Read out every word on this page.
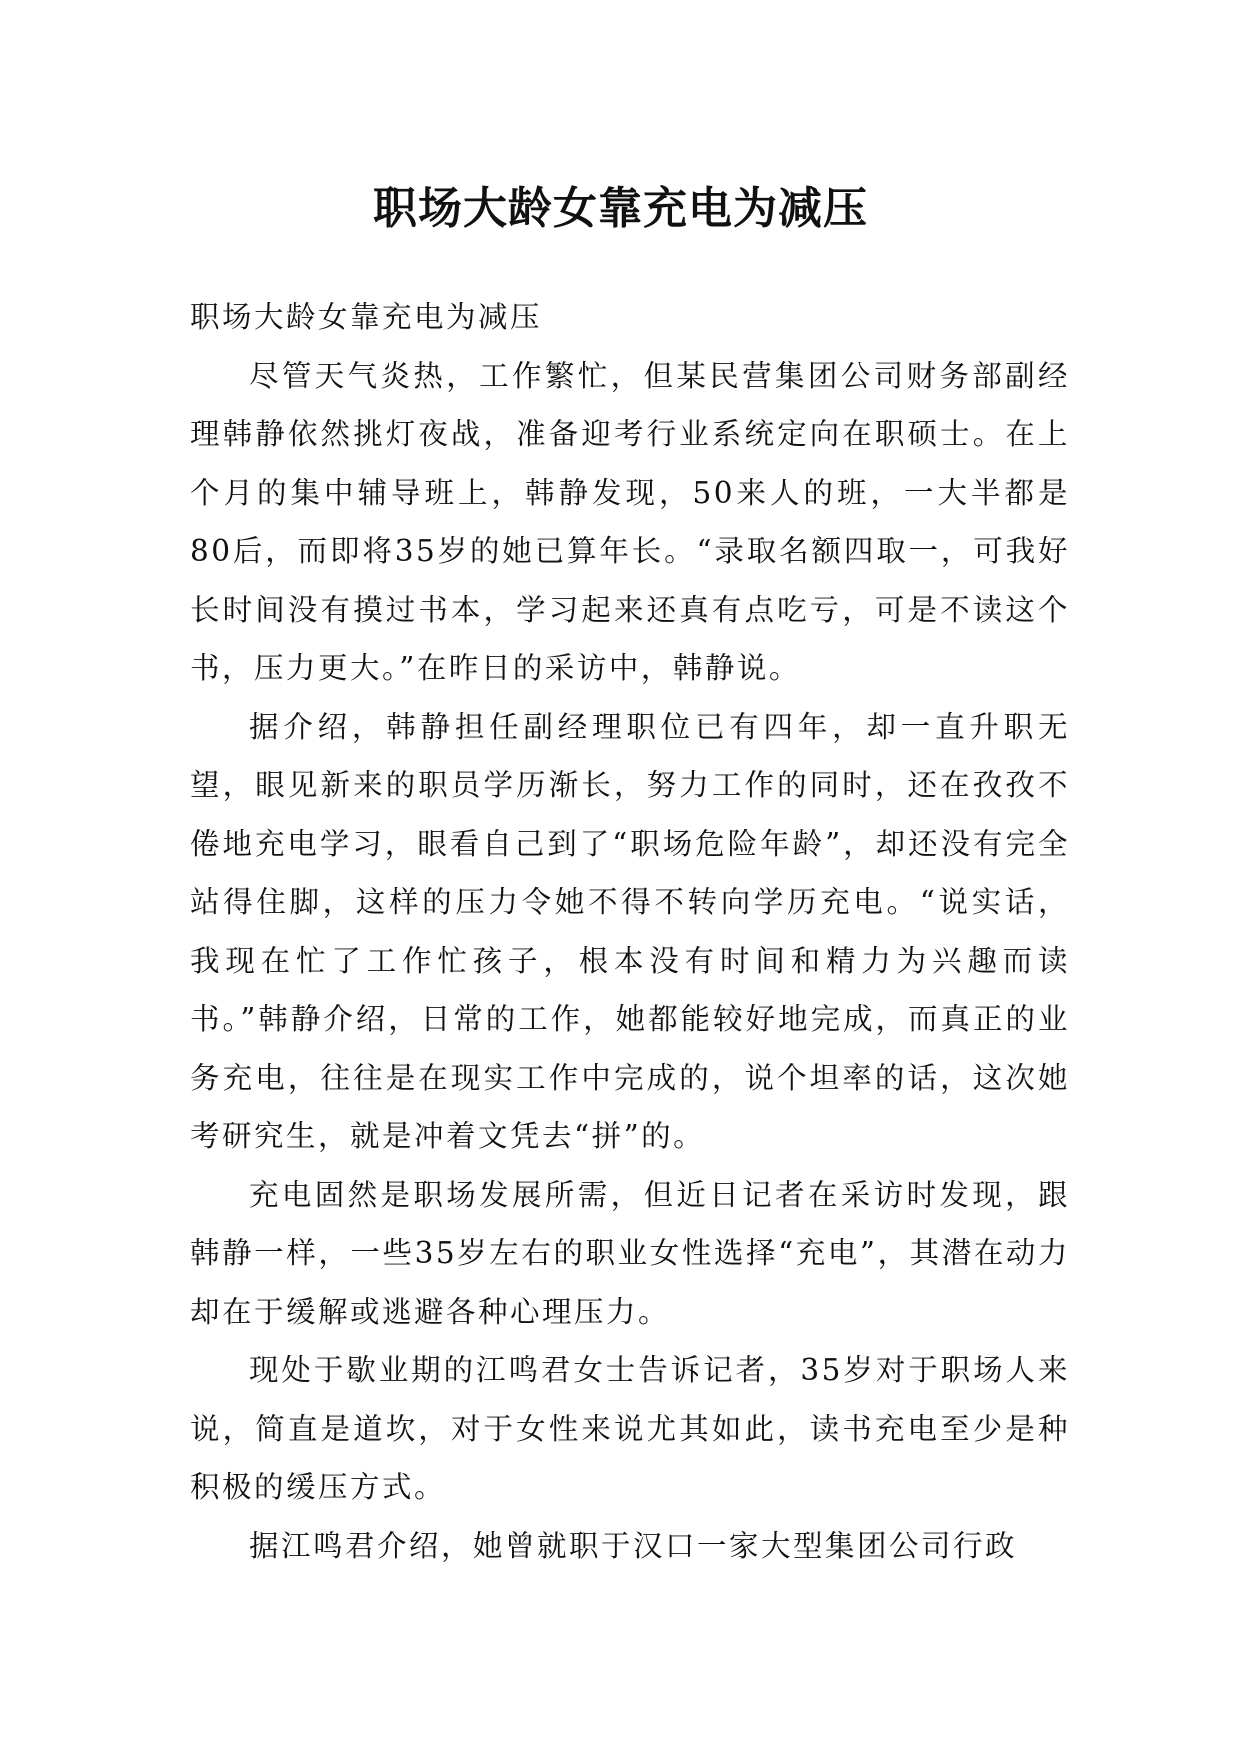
职场大龄女靠充电为减压

职场大龄女靠充电为减压

尽管天气炎热，工作繁忙，但某民营集团公司财务部副经理韩静依然挑灯夜战，准备迎考行业系统定向在职硕士。在上个月的集中辅导班上，韩静发现，50来人的班，一大半都是80后，而即将35岁的她已算年长。“录取名额四取一，可我好长时间没有摸过书本，学习起来还真有点吃亏，可是不读这个书，压力更大。”在昨日的采访中，韩静说。

据介绍，韩静担任副经理职位已有四年，却一直升职无望，眼见新来的职员学历渐长，努力工作的同时，还在孜孜不倦地充电学习，眼看自己到了“职场危险年龄”，却还没有完全站得住脚，这样的压力令她不得不转向学历充电。“说实话，我现在忙了工作忙孩子，根本没有时间和精力为兴趣而读书。”韩静介绍，日常的工作，她都能较好地完成，而真正的业务充电，往往是在现实工作中完成的，说个坦率的话，这次她考研究生，就是冲着文凭去“拼”的。

充电固然是职场发展所需，但近日记者在采访时发现，跟韩静一样，一些35岁左右的职业女性选择“充电”，其潜在动力却在于缓解或逃避各种心理压力。

现处于歇业期的江鸣君女士告诉记者，35岁对于职场人来说，简直是道坎，对于女性来说尤其如此，读书充电至少是种积极的缓压方式。

据江鸣君介绍，她曾就职于汉口一家大型集团公司行政
